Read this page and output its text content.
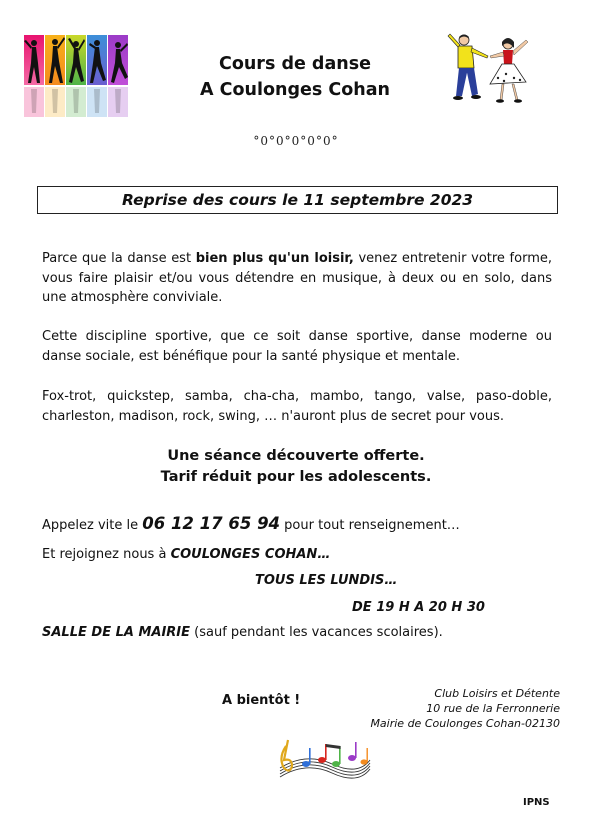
Cours de danse
A Coulonges Cohan
°0°0°0°0°0°
Reprise des cours le 11 septembre 2023
Parce que la danse est bien plus qu'un loisir, venez entretenir votre forme, vous faire plaisir et/ou vous détendre en musique, à deux ou en solo, dans une atmosphère conviviale.
Cette discipline sportive, que ce soit danse sportive, danse moderne ou danse sociale, est bénéfique pour la santé physique et mentale.
Fox-trot, quickstep, samba, cha-cha, mambo, tango, valse, paso-doble, charleston, madison, rock, swing, … n'auront plus de secret pour vous.
Une séance découverte offerte.
Tarif réduit pour les adolescents.
Appelez vite le 06 12 17 65 94 pour tout renseignement…
Et rejoignez nous à COULONGES COHAN…
TOUS LES LUNDIS…
DE 19 H A 20 H 30
SALLE DE LA MAIRIE (sauf pendant les vacances scolaires).
A bientôt !	Club Loisirs et Détente
10 rue de la Ferronnerie
Mairie de Coulonges Cohan-02130
IPNS
